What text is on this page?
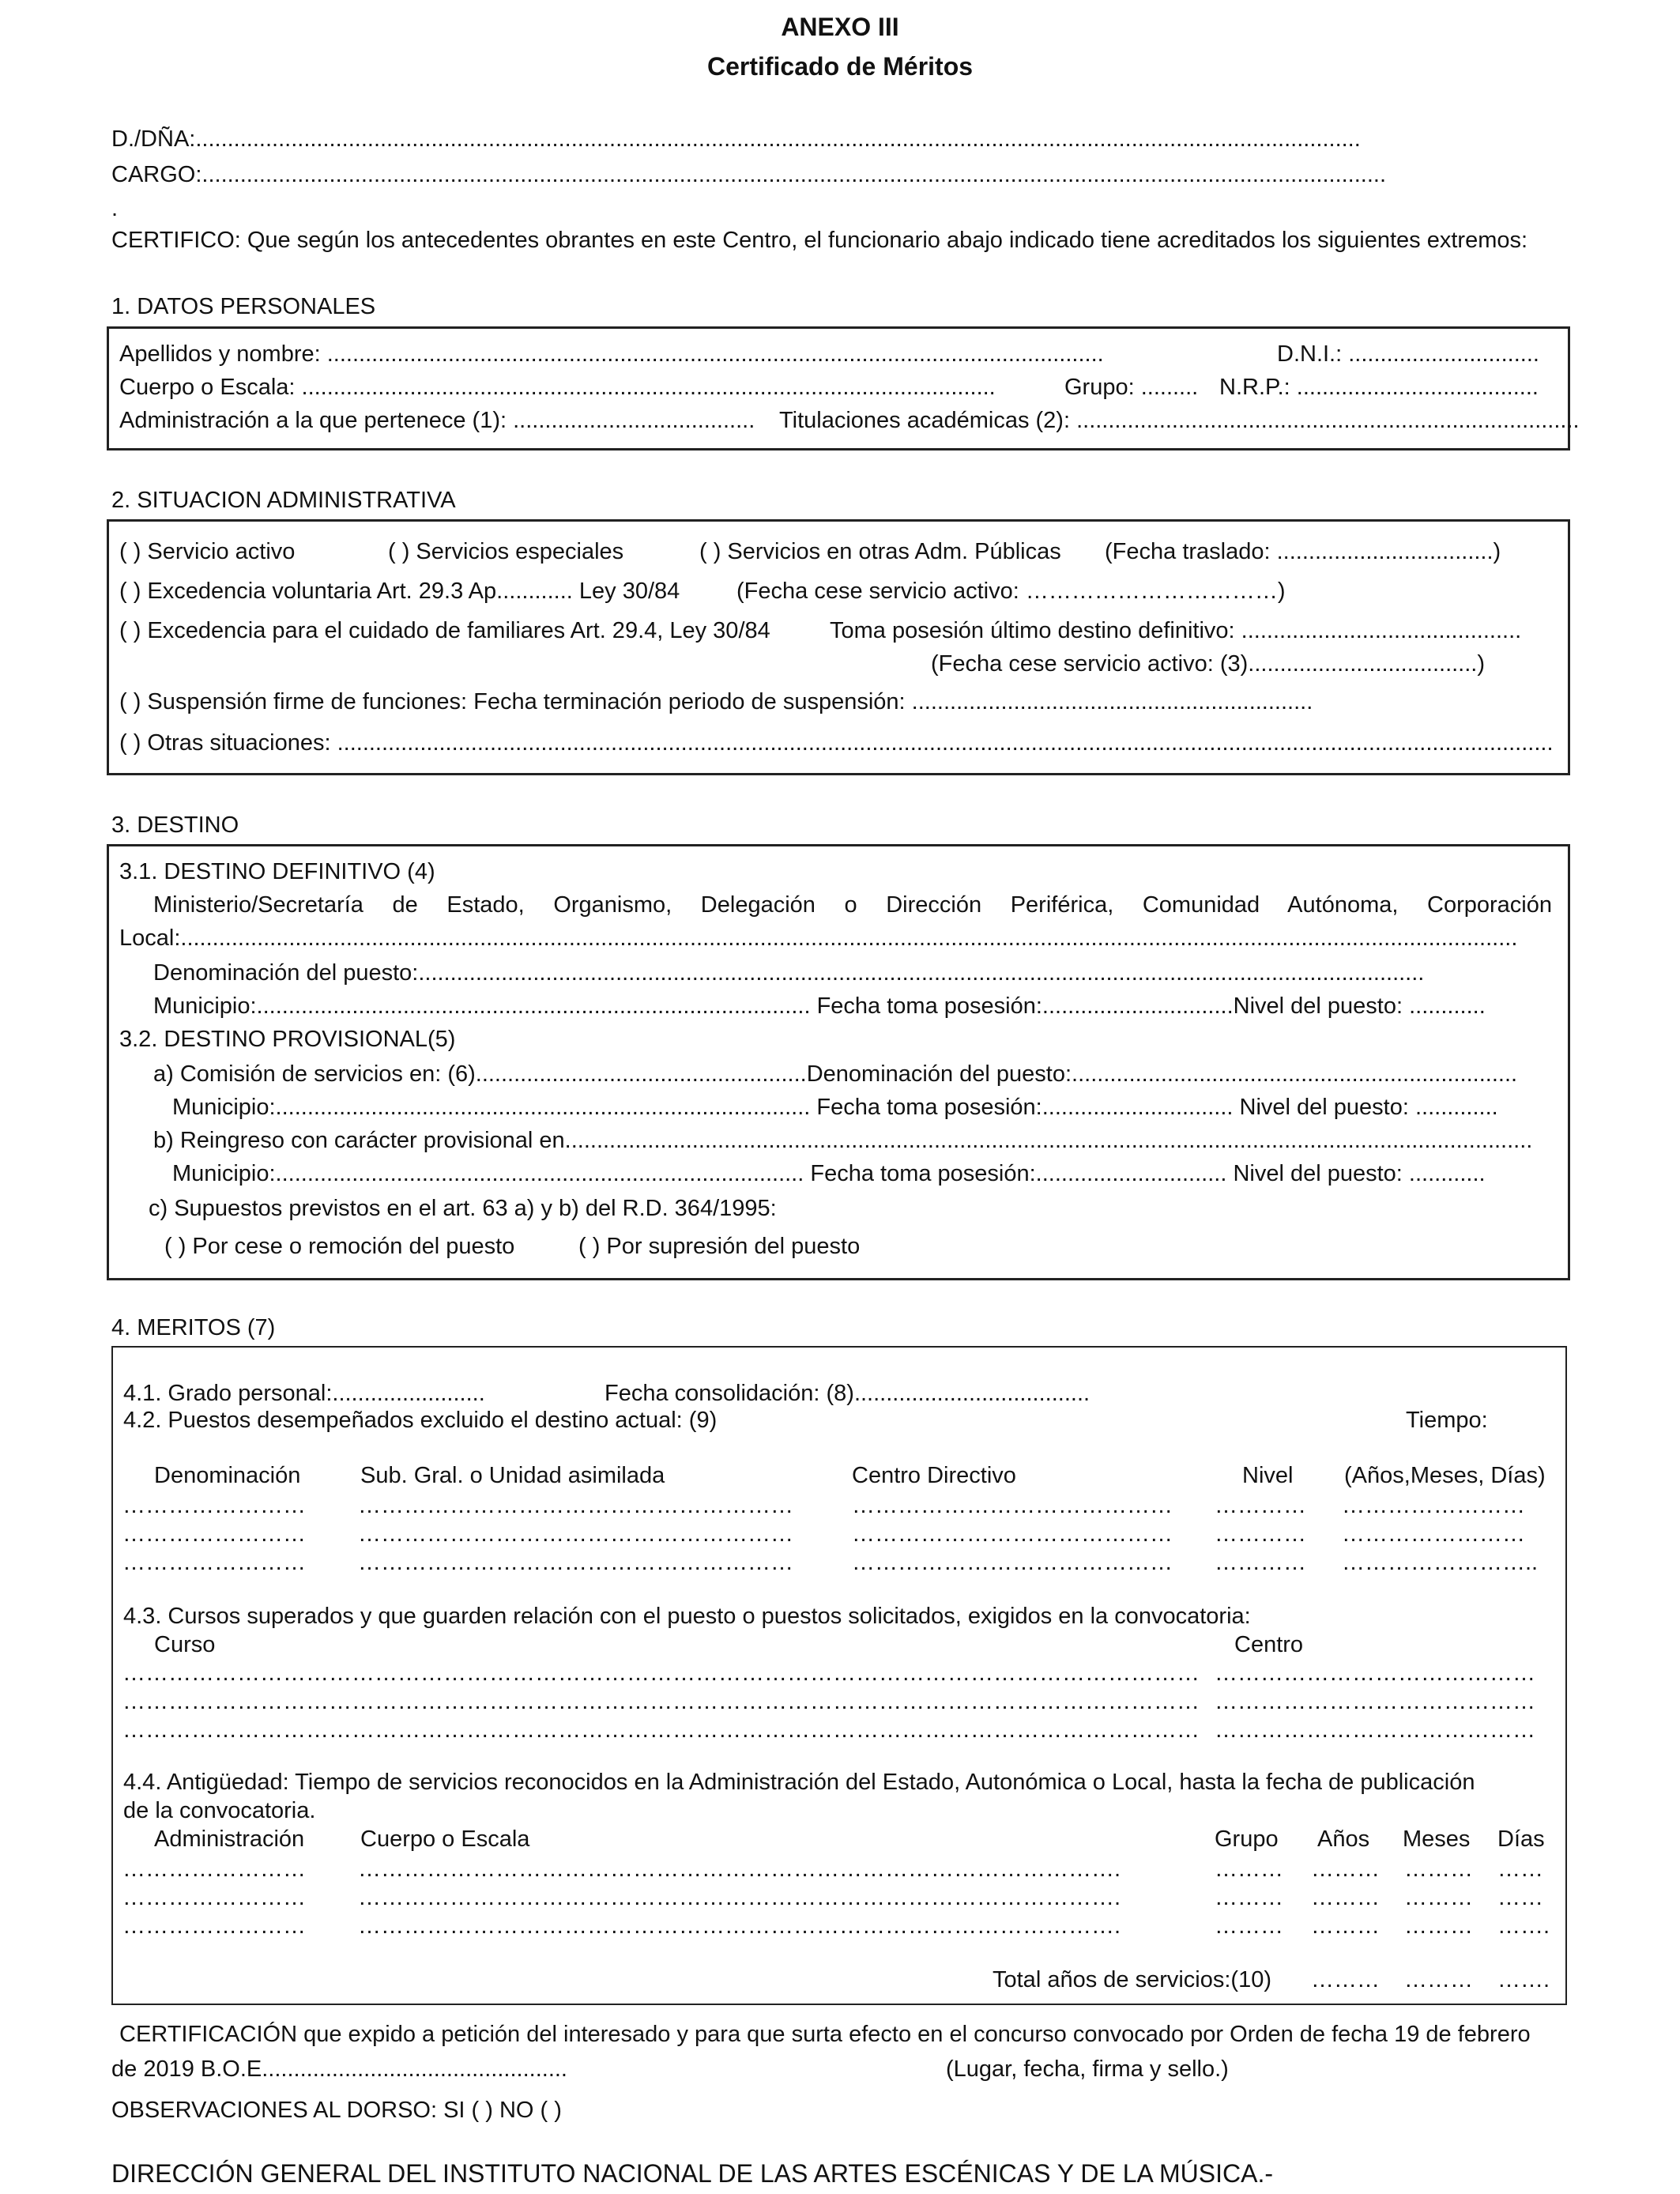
ANEXO III
Certificado de Méritos
D./DÑA:.......................................................................................................................................................................................
CARGO:..........................................................................................................................................................................................
.
CERTIFICO: Que según los antecedentes obrantes en este Centro, el funcionario abajo indicado tiene acreditados los siguientes extremos:
1. DATOS PERSONALES
Apellidos y nombre: ..........................................................................................................................	D.N.I.: ..............................
Cuerpo o Escala: .............................................................................................................	Grupo: ......... N.R.P.: ......................................
Administración a la que pertenece (1): ...................................... Titulaciones académicas (2): ...............................................................................
2. SITUACION ADMINISTRATIVA
( ) Servicio activo	( ) Servicios especiales	( ) Servicios en otras Adm. Públicas (Fecha traslado: ..................................)
( ) Excedencia voluntaria Art. 29.3 Ap............ Ley 30/84 (Fecha cese servicio activo: ……………………………)
( ) Excedencia para el cuidado de familiares Art. 29.4, Ley 30/84	Toma posesión último destino definitivo: ............................................
(Fecha cese servicio activo: (3)....................................)
( ) Suspensión firme de funciones: Fecha terminación periodo de suspensión: ...............................................................
( ) Otras situaciones: ...............................................................................................................................................................................................
3. DESTINO
3.1. DESTINO DEFINITIVO (4)
Ministerio/Secretaría de Estado, Organismo, Delegación o Dirección Periférica, Comunidad Autónoma, Corporación
Local:..................................................................................................................................................................................................................
Denominación del puesto:..............................................................................................................................................................
Municipio:....................................................................................... Fecha toma posesión:..............................Nivel del puesto: ............
3.2. DESTINO PROVISIONAL(5)
a) Comisión de servicios en: (6)....................................................Denominación del puesto:......................................................................
Municipio:.................................................................................... Fecha toma posesión:.............................. Nivel del puesto: .............
b) Reingreso con carácter provisional en........................................................................................................................................................
Municipio:................................................................................... Fecha toma posesión:.............................. Nivel del puesto: ............
c) Supuestos previstos en el art. 63 a) y b) del R.D. 364/1995:
( ) Por cese o remoción del puesto	( ) Por supresión del puesto
4. MERITOS (7)
4.1. Grado personal:........................	Fecha consolidación: (8).....................................
4.2. Puestos desempeñados excluido el destino actual: (9)	Tiempo:
Denominación	Sub. Gral. o Unidad asimilada	Centro Directivo	Nivel (Años,Meses, Días)
…………………… …………………………………………………	…………………………………… ………… ……………………
…………………… …………………………………………………	…………………………………… ………… ……………………
…………………… …………………………………………………	…………………………………… ………… ……………………..
4.3. Cursos superados y que guarden relación con el puesto o puestos solicitados, exigidos en la convocatoria:
Curso	Centro
…………………………………………………………………………………………………………………………… ……………………………………
…………………………………………………………………………………………………………………………… ……………………………………
…………………………………………………………………………………………………………………………… ……………………………………
4.4. Antigüedad: Tiempo de servicios reconocidos en la Administración del Estado, Autonómica o Local, hasta la fecha de publicación
de la convocatoria.
Administración Cuerpo o Escala	Grupo Años Meses Días
…………………… ……………………………………………………………………………………….	……… ……… ……… ……
…………………… ……………………………………………………………………………………….	……… ……… ……… ……
…………………… ……………………………………………………………………………………….	……… ……… ……… …….
Total años de servicios:(10) ……… ……… …….
CERTIFICACIÓN que expido a petición del interesado y para que surta efecto en el concurso convocado por Orden de fecha 19 de febrero
de 2019 B.O.E................................................	(Lugar, fecha, firma y sello.)
OBSERVACIONES AL DORSO: SI ( ) NO ( )
DIRECCIÓN GENERAL DEL INSTITUTO NACIONAL DE LAS ARTES ESCÉNICAS Y DE LA MÚSICA.-
